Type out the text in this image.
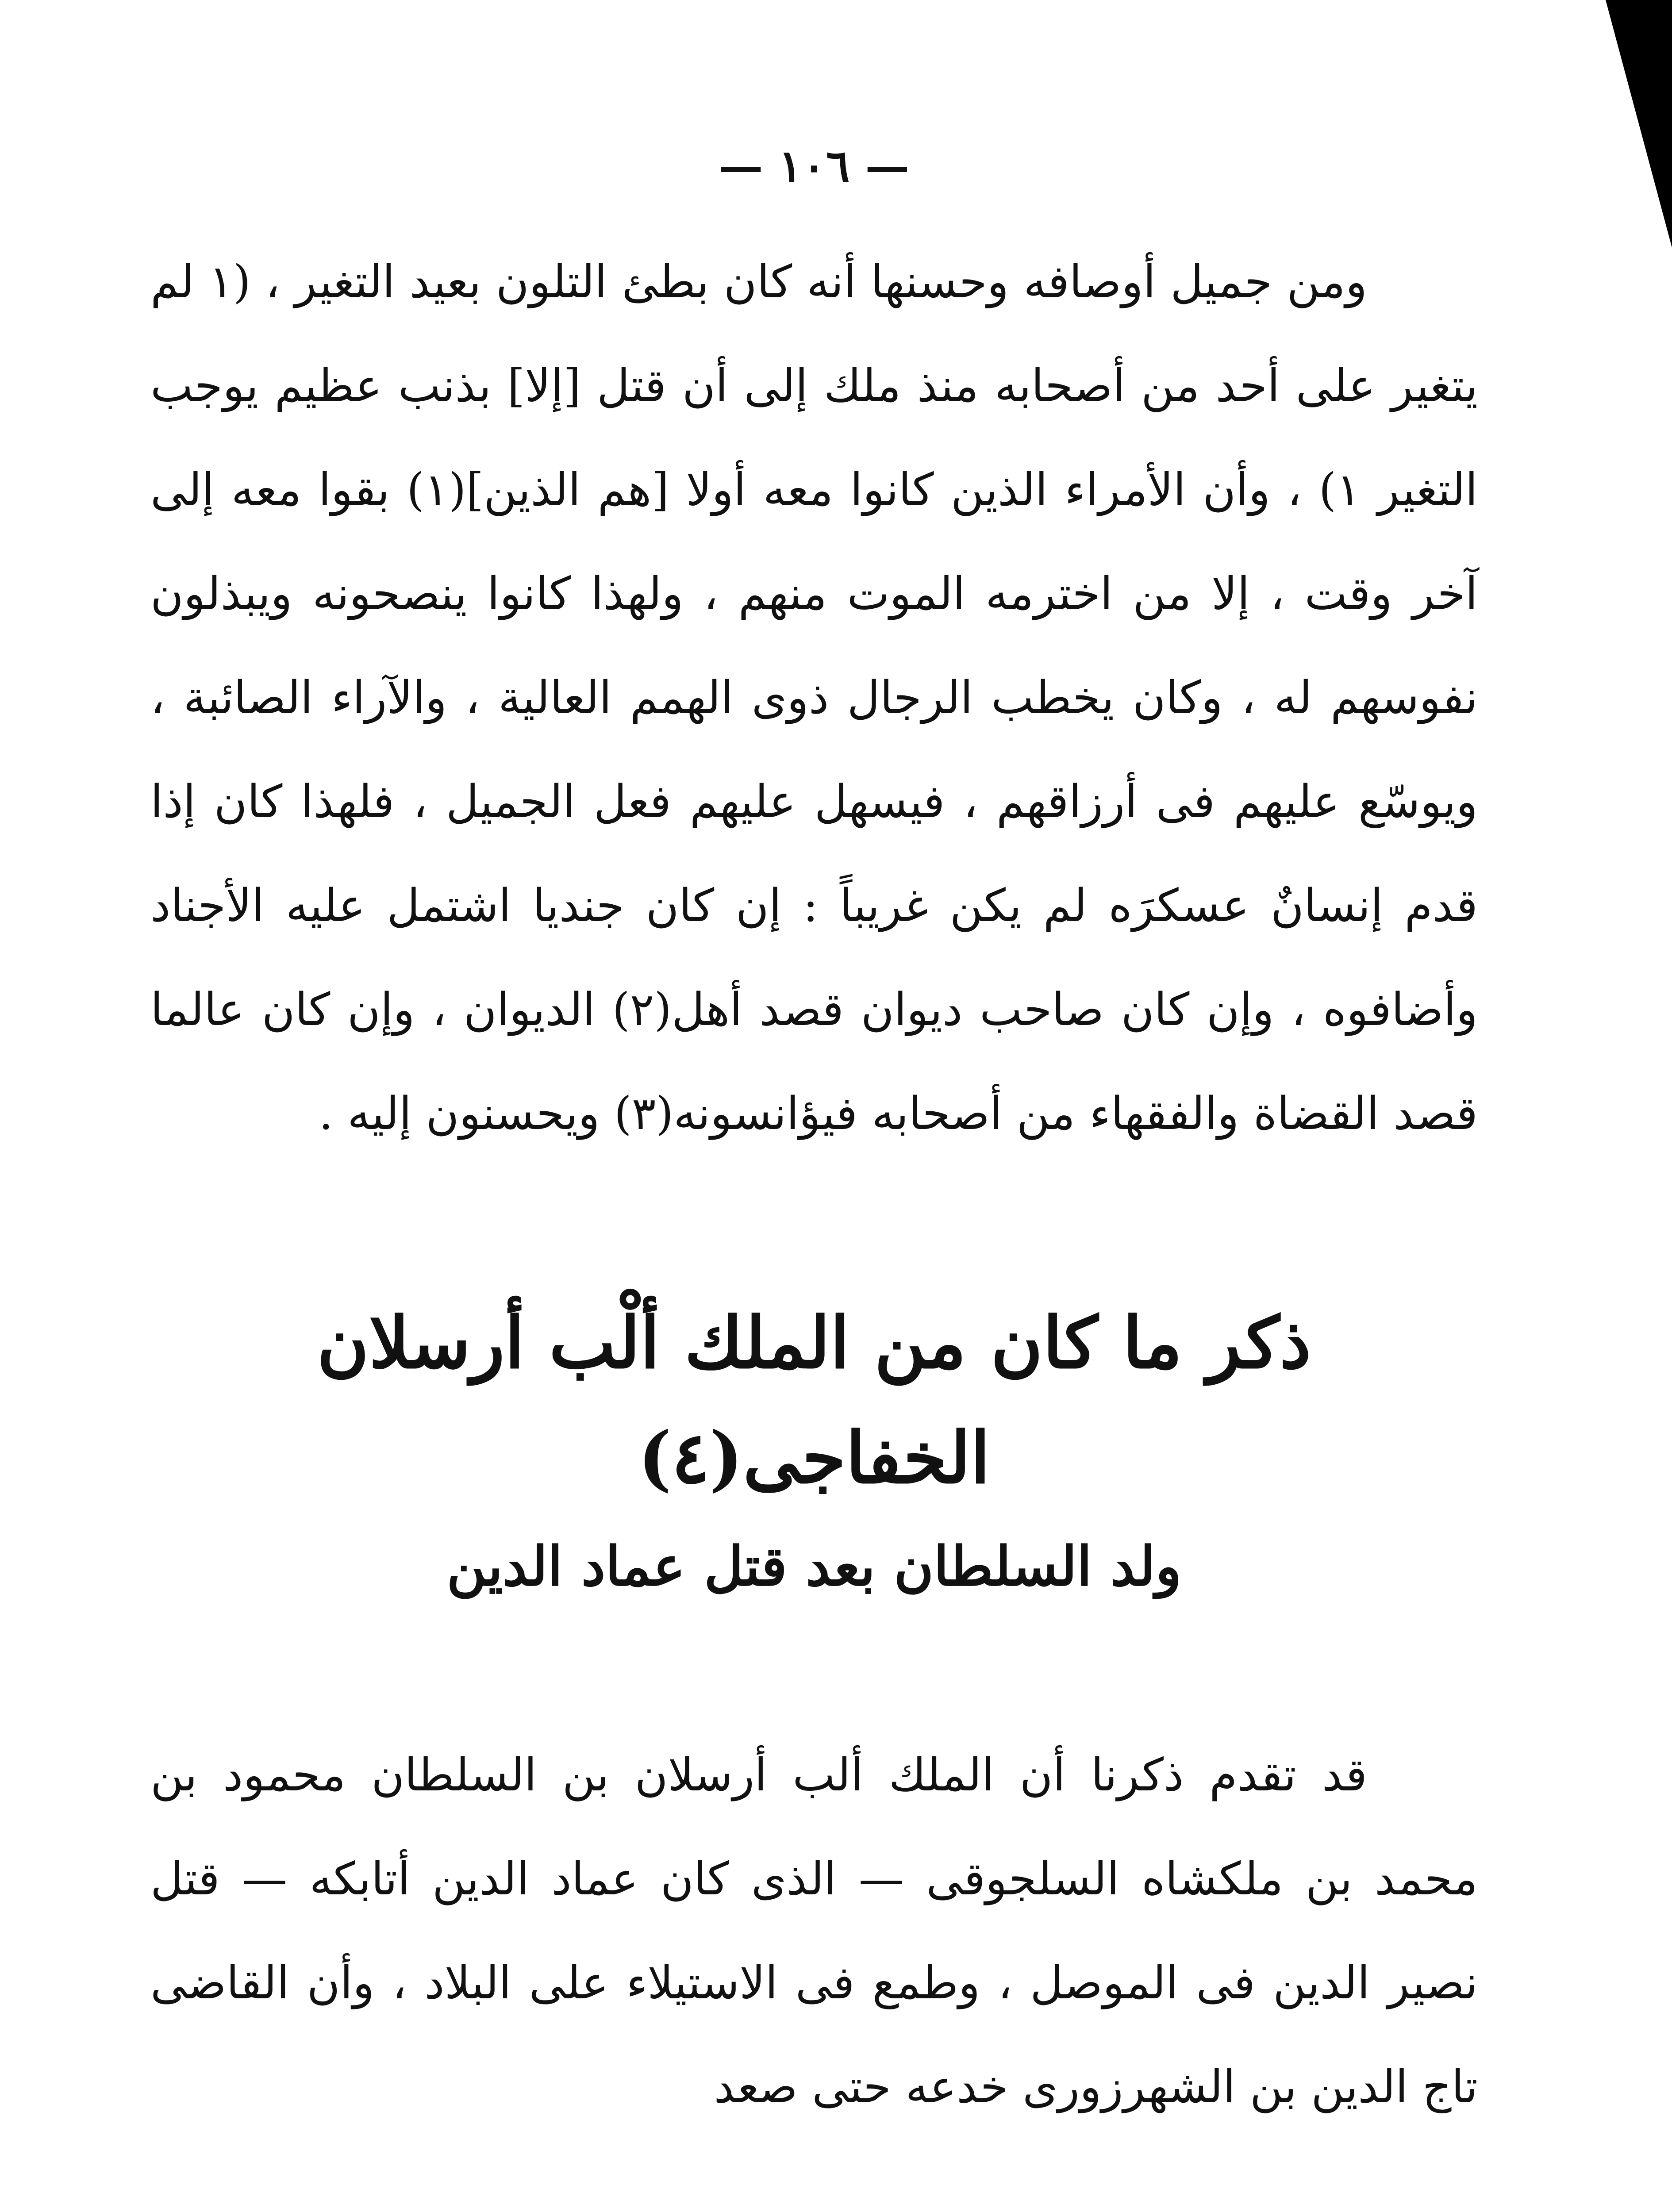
— ١٠٦ —

ومن جميل أوصافه وحسنها أنه كان بطئ التلون بعيد التغير ، (١ لم يتغير على أحد من أصحابه منذ ملك إلى أن قتل [إلا] بذنب عظيم يوجب التغير ١) ، وأن الأمراء الذين كانوا معه أولا [هم الذين](١) بقوا معه إلى آخر وقت ، إلا من اخترمه الموت منهم ، ولهذا كانوا ينصحونه ويبذلون نفوسهم له ، وكان يخطب الرجال ذوى الهمم العالية ، والآراء الصائبة ، ويوسّع عليهم فى أرزاقهم ، فيسهل عليهم فعل الجميل ، فلهذا كان إذا قدم إنسانٌ عسكرَه لم يكن غريباً : إن كان جنديا اشتمل عليه الأجناد وأضافوه ، وإن كان صاحب ديوان قصد أهل(٢) الديوان ، وإن كان عالما قصد القضاة والفقهاء من أصحابه فيؤانسونه(٣) ويحسنون إليه .

ذكر ما كان من الملك ألْب أرسلان الخفاجى(٤)
ولد السلطان بعد قتل عماد الدين

قد تقدم ذكرنا أن الملك ألب أرسلان بن السلطان محمود بن محمد بن ملكشاه السلجوقى — الذى كان عماد الدين أتابكه — قتل نصير الدين فى الموصل ، وطمع فى الاستيلاء على البلاد ، وأن القاضى تاج الدين بن الشهرزورى خدعه حتى صعد
